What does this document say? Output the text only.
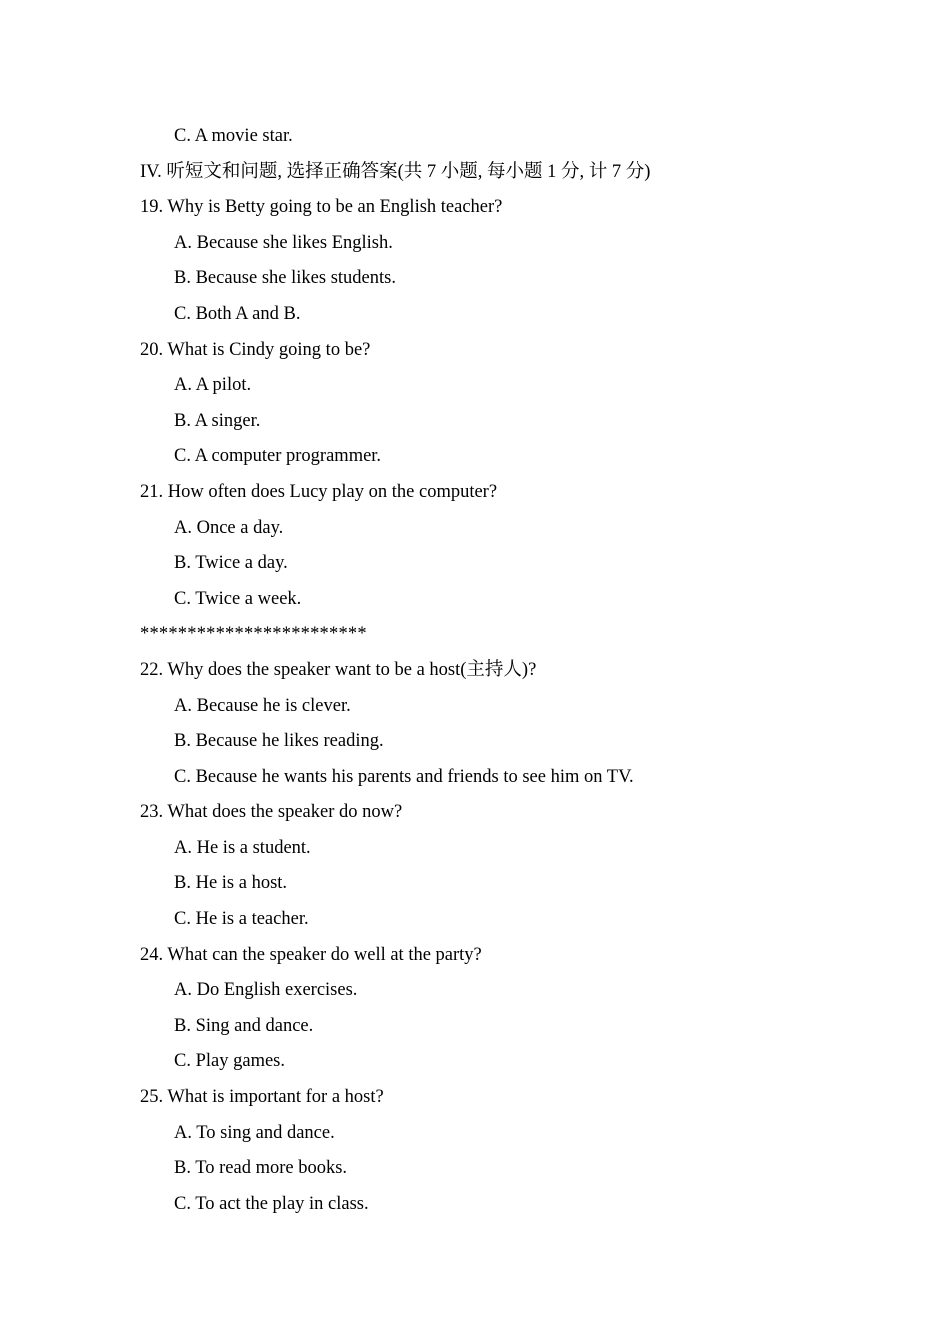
C. A movie star.
IV. 听短文和问题, 选择正确答案(共 7 小题, 每小题 1 分, 计 7 分)
19. Why is Betty going to be an English teacher?
A. Because she likes English.
B. Because she likes students.
C. Both A and B.
20. What is Cindy going to be?
A. A pilot.
B. A singer.
C. A computer programmer.
21. How often does Lucy play on the computer?
A. Once a day.
B. Twice a day.
C. Twice a week.
************************
22. Why does the speaker want to be a host(主持人)?
A. Because he is clever.
B. Because he likes reading.
C. Because he wants his parents and friends to see him on TV.
23. What does the speaker do now?
A. He is a student.
B. He is a host.
C. He is a teacher.
24. What can the speaker do well at the party?
A. Do English exercises.
B. Sing and dance.
C. Play games.
25. What is important for a host?
A. To sing and dance.
B. To read more books.
C. To act the play in class.
